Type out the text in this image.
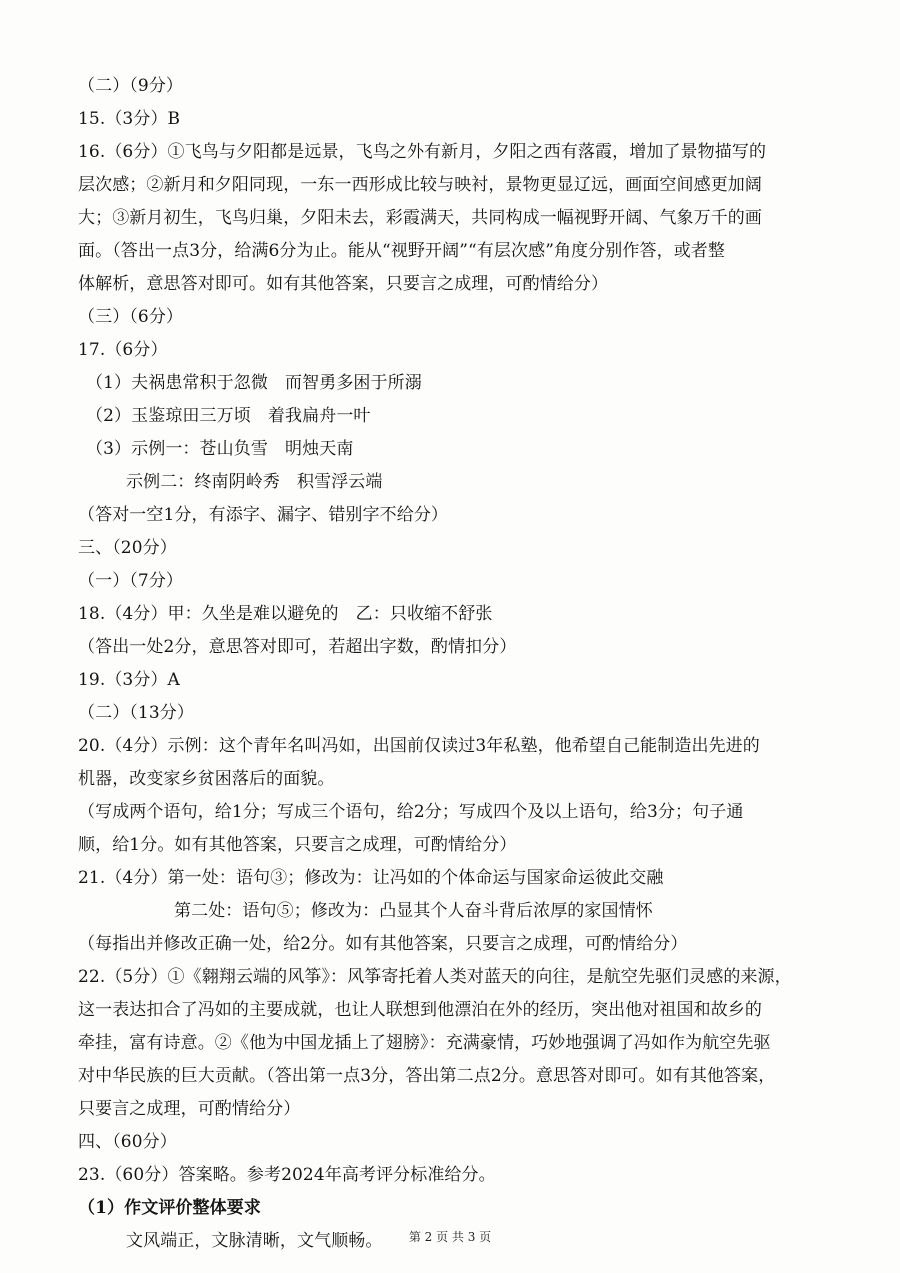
（二）（9分）
15.（3分）B
16.（6分）①飞鸟与夕阳都是远景，飞鸟之外有新月，夕阳之西有落霞，增加了景物描写的
层次感；②新月和夕阳同现，一东一西形成比较与映衬，景物更显辽远，画面空间感更加阔
大；③新月初生，飞鸟归巢，夕阳未去，彩霞满天，共同构成一幅视野开阔、气象万千的画
面。（答出一点3分，给满6分为止。能从“视野开阔”“有层次感”角度分别作答，或者整
体解析，意思答对即可。如有其他答案，只要言之成理，可酌情给分）
（三）（6分）
17.（6分）
（1）夫祸患常积于忽微　而智勇多困于所溺
（2）玉鉴琼田三万顷　着我扁舟一叶
（3）示例一：苍山负雪　明烛天南
示例二：终南阴岭秀　积雪浮云端
（答对一空1分，有添字、漏字、错别字不给分）
三、（20分）
（一）（7分）
18.（4分）甲：久坐是难以避免的　乙：只收缩不舒张
（答出一处2分，意思答对即可，若超出字数，酌情扣分）
19.（3分）A
（二）（13分）
20.（4分）示例：这个青年名叫冯如，出国前仅读过3年私塾，他希望自己能制造出先进的
机器，改变家乡贫困落后的面貌。
（写成两个语句，给1分；写成三个语句，给2分；写成四个及以上语句，给3分；句子通
顺，给1分。如有其他答案，只要言之成理，可酌情给分）
21.（4分）第一处：语句③；修改为：让冯如的个体命运与国家命运彼此交融
第二处：语句⑤；修改为：凸显其个人奋斗背后浓厚的家国情怀
（每指出并修改正确一处，给2分。如有其他答案，只要言之成理，可酌情给分）
22.（5分）①《翱翔云端的风筝》：风筝寄托着人类对蓝天的向往，是航空先驱们灵感的来源，
这一表达扣合了冯如的主要成就，也让人联想到他漂泊在外的经历，突出他对祖国和故乡的
牵挂，富有诗意。②《他为中国龙插上了翅膀》：充满豪情，巧妙地强调了冯如作为航空先驱
对中华民族的巨大贡献。（答出第一点3分，答出第二点2分。意思答对即可。如有其他答案，
只要言之成理，可酌情给分）
四、（60分）
23.（60分）答案略。参考2024年高考评分标准给分。
（1）作文评价整体要求
文风端正，文脉清晰，文气顺畅。	第 2 页 共 3 页
